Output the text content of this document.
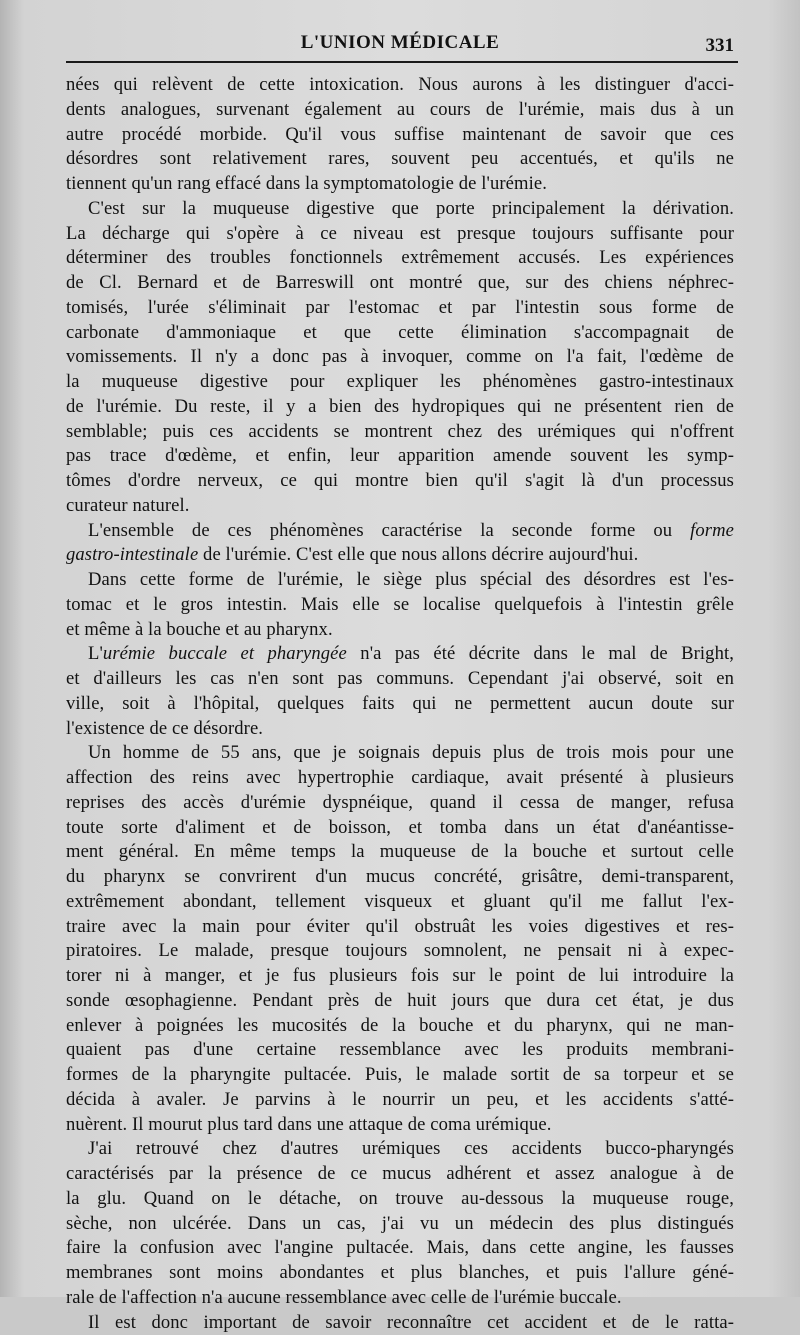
L'UNION MÉDICALE	331
nées qui relèvent de cette intoxication. Nous aurons à les distinguer d'acci-
dents analogues, survenant également au cours de l'urémie, mais dus à un
autre procédé morbide. Qu'il vous suffise maintenant de savoir que ces
désordres sont relativement rares, souvent peu accentués, et qu'ils ne
tiennent qu'un rang effacé dans la symptomatologie de l'urémie.
C'est sur la muqueuse digestive que porte principalement la dérivation.
La décharge qui s'opère à ce niveau est presque toujours suffisante pour
déterminer des troubles fonctionnels extrêmement accusés. Les expériences
de Cl. Bernard et de Barreswill ont montré que, sur des chiens néphrec-
tomisés, l'urée s'éliminait par l'estomac et par l'intestin sous forme de
carbonate d'ammoniaque et que cette élimination s'accompagnait de
vomissements. Il n'y a donc pas à invoquer, comme on l'a fait, l'œdème de
la muqueuse digestive pour expliquer les phénomènes gastro-intestinaux
de l'urémie. Du reste, il y a bien des hydropiques qui ne présentent rien de
semblable; puis ces accidents se montrent chez des urémiques qui n'offrent
pas trace d'œdème, et enfin, leur apparition amende souvent les symp-
tômes d'ordre nerveux, ce qui montre bien qu'il s'agit là d'un processus
curateur naturel.
L'ensemble de ces phénomènes caractérise la seconde forme ou forme
gastro-intestinale de l'urémie. C'est elle que nous allons décrire aujourd'hui.
Dans cette forme de l'urémie, le siège plus spécial des désordres est l'es-
tomac et le gros intestin. Mais elle se localise quelquefois à l'intestin grêle
et même à la bouche et au pharynx.
L'urémie buccale et pharyngée n'a pas été décrite dans le mal de Bright,
et d'ailleurs les cas n'en sont pas communs. Cependant j'ai observé, soit en
ville, soit à l'hôpital, quelques faits qui ne permettent aucun doute sur
l'existence de ce désordre.
Un homme de 55 ans, que je soignais depuis plus de trois mois pour une
affection des reins avec hypertrophie cardiaque, avait présenté à plusieurs
reprises des accès d'urémie dyspnéique, quand il cessa de manger, refusa
toute sorte d'aliment et de boisson, et tomba dans un état d'anéantisse-
ment général. En même temps la muqueuse de la bouche et surtout celle
du pharynx se convrirent d'un mucus concrété, grisâtre, demi-transparent,
extrêmement abondant, tellement visqueux et gluant qu'il me fallut l'ex-
traire avec la main pour éviter qu'il obstruât les voies digestives et res-
piratoires. Le malade, presque toujours somnolent, ne pensait ni à expec-
torer ni à manger, et je fus plusieurs fois sur le point de lui introduire la
sonde œsophagienne. Pendant près de huit jours que dura cet état, je dus
enlever à poignées les mucosités de la bouche et du pharynx, qui ne man-
quaient pas d'une certaine ressemblance avec les produits membrani-
formes de la pharyngite pultacée. Puis, le malade sortit de sa torpeur et se
décida à avaler. Je parvins à le nourrir un peu, et les accidents s'atté-
nuèrent. Il mourut plus tard dans une attaque de coma urémique.
J'ai retrouvé chez d'autres urémiques ces accidents bucco-pharyngés
caractérisés par la présence de ce mucus adhérent et assez analogue à de
la glu. Quand on le détache, on trouve au-dessous la muqueuse rouge,
sèche, non ulcérée. Dans un cas, j'ai vu un médecin des plus distingués
faire la confusion avec l'angine pultacée. Mais, dans cette angine, les fausses
membranes sont moins abondantes et plus blanches, et puis l'allure géné-
rale de l'affection n'a aucune ressemblance avec celle de l'urémie buccale.
Il est donc important de savoir reconnaître cet accident et de le ratta-
